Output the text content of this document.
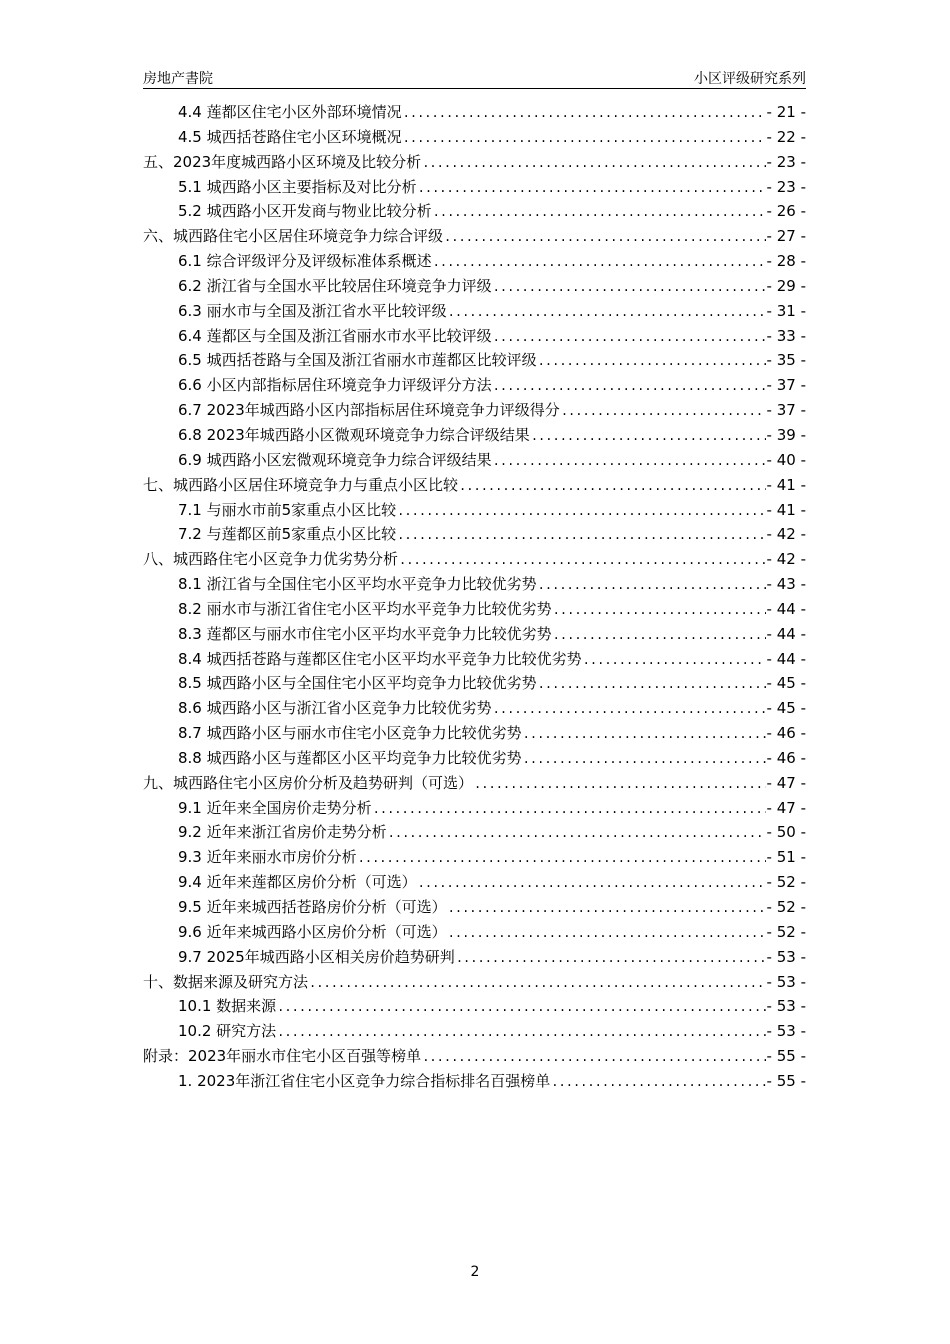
房地产書院	小区评级研究系列
4.4 莲都区住宅小区外部环境情况 .....	- 21 -
4.5 城西括苍路住宅小区环境概况 .....	- 22 -
五、2023年度城西路小区环境及比较分析 .....	- 23 -
5.1 城西路小区主要指标及对比分析 .....	- 23 -
5.2 城西路小区开发商与物业比较分析 .....	- 26 -
六、城西路住宅小区居住环境竞争力综合评级 .....	- 27 -
6.1 综合评级评分及评级标准体系概述 .....	- 28 -
6.2 浙江省与全国水平比较居住环境竞争力评级 .....	- 29 -
6.3 丽水市与全国及浙江省水平比较评级 .....	- 31 -
6.4 莲都区与全国及浙江省丽水市水平比较评级 .....	- 33 -
6.5 城西括苍路与全国及浙江省丽水市莲都区比较评级 .....	- 35 -
6.6 小区内部指标居住环境竞争力评级评分方法 .....	- 37 -
6.7 2023年城西路小区内部指标居住环境竞争力评级得分 .....	- 37 -
6.8 2023年城西路小区微观环境竞争力综合评级结果 .....	- 39 -
6.9 城西路小区宏微观环境竞争力综合评级结果 .....	- 40 -
七、城西路小区居住环境竞争力与重点小区比较 .....	- 41 -
7.1 与丽水市前5家重点小区比较 .....	- 41 -
7.2 与莲都区前5家重点小区比较 .....	- 42 -
八、城西路住宅小区竞争力优劣势分析 .....	- 42 -
8.1 浙江省与全国住宅小区平均水平竞争力比较优劣势 .....	- 43 -
8.2 丽水市与浙江省住宅小区平均水平竞争力比较优劣势 .....	- 44 -
8.3 莲都区与丽水市住宅小区平均水平竞争力比较优劣势 .....	- 44 -
8.4 城西括苍路与莲都区住宅小区平均水平竞争力比较优劣势 .....	- 44 -
8.5 城西路小区与全国住宅小区平均竞争力比较优劣势 .....	- 45 -
8.6 城西路小区与浙江省小区竞争力比较优劣势 .....	- 45 -
8.7 城西路小区与丽水市住宅小区竞争力比较优劣势 .....	- 46 -
8.8 城西路小区与莲都区小区平均竞争力比较优劣势 .....	- 46 -
九、城西路住宅小区房价分析及趋势研判（可选） .....	- 47 -
9.1 近年来全国房价走势分析 .....	- 47 -
9.2 近年来浙江省房价走势分析 .....	- 50 -
9.3 近年来丽水市房价分析 .....	- 51 -
9.4 近年来莲都区房价分析（可选） .....	- 52 -
9.5 近年来城西括苍路房价分析（可选） .....	- 52 -
9.6 近年来城西路小区房价分析（可选） .....	- 52 -
9.7 2025年城西路小区相关房价趋势研判 .....	- 53 -
十、数据来源及研究方法 .....	- 53 -
10.1 数据来源 .....	- 53 -
10.2 研究方法 .....	- 53 -
附录：2023年丽水市住宅小区百强等榜单 .....	- 55 -
1. 2023年浙江省住宅小区竞争力综合指标排名百强榜单 .....	- 55 -
2
